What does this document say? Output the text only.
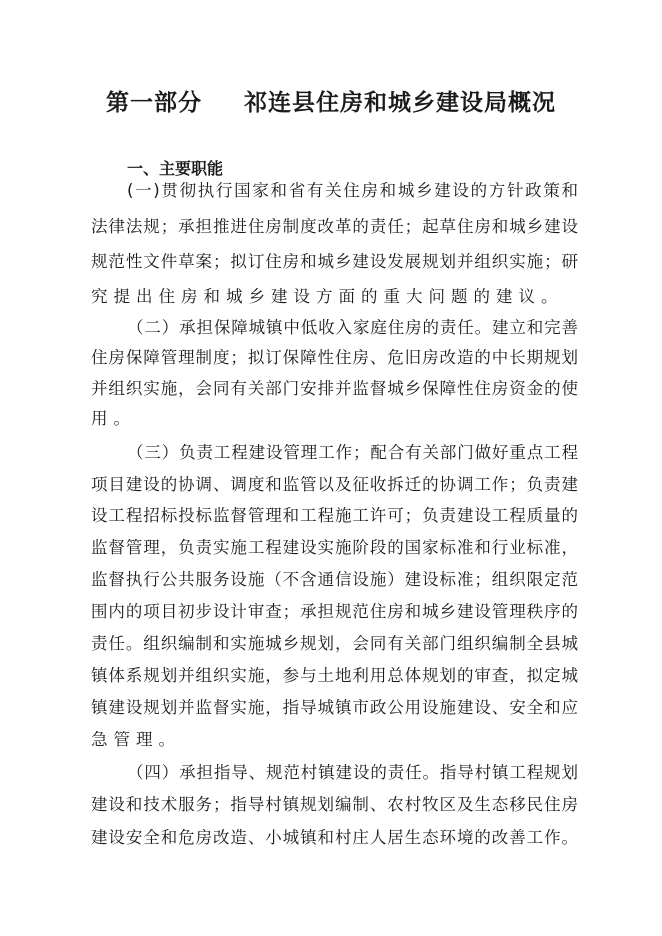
第一部分 祁连县住房和城乡建设局概况
一、主要职能
(一)贯彻执行国家和省有关住房和城乡建设的方针政策和
法律法规；承担推进住房制度改革的责任；起草住房和城乡建设
规范性文件草案；拟订住房和城乡建设发展规划并组织实施；研
究提出住房和城乡建设方面的重大问题的建议。
（二）承担保障城镇中低收入家庭住房的责任。建立和完善
住房保障管理制度；拟订保障性住房、危旧房改造的中长期规划
并组织实施，会同有关部门安排并监督城乡保障性住房资金的使
用。
（三）负责工程建设管理工作；配合有关部门做好重点工程
项目建设的协调、调度和监管以及征收拆迁的协调工作；负责建
设工程招标投标监督管理和工程施工许可；负责建设工程质量的
监督管理，负责实施工程建设实施阶段的国家标准和行业标准，
监督执行公共服务设施（不含通信设施）建设标准；组织限定范
围内的项目初步设计审查；承担规范住房和城乡建设管理秩序的
责任。组织编制和实施城乡规划，会同有关部门组织编制全县城
镇体系规划并组织实施，参与土地利用总体规划的审查，拟定城
镇建设规划并监督实施，指导城镇市政公用设施建设、安全和应
急管理。
（四）承担指导、规范村镇建设的责任。指导村镇工程规划
建设和技术服务；指导村镇规划编制、农村牧区及生态移民住房
建设安全和危房改造、小城镇和村庄人居生态环境的改善工作。
